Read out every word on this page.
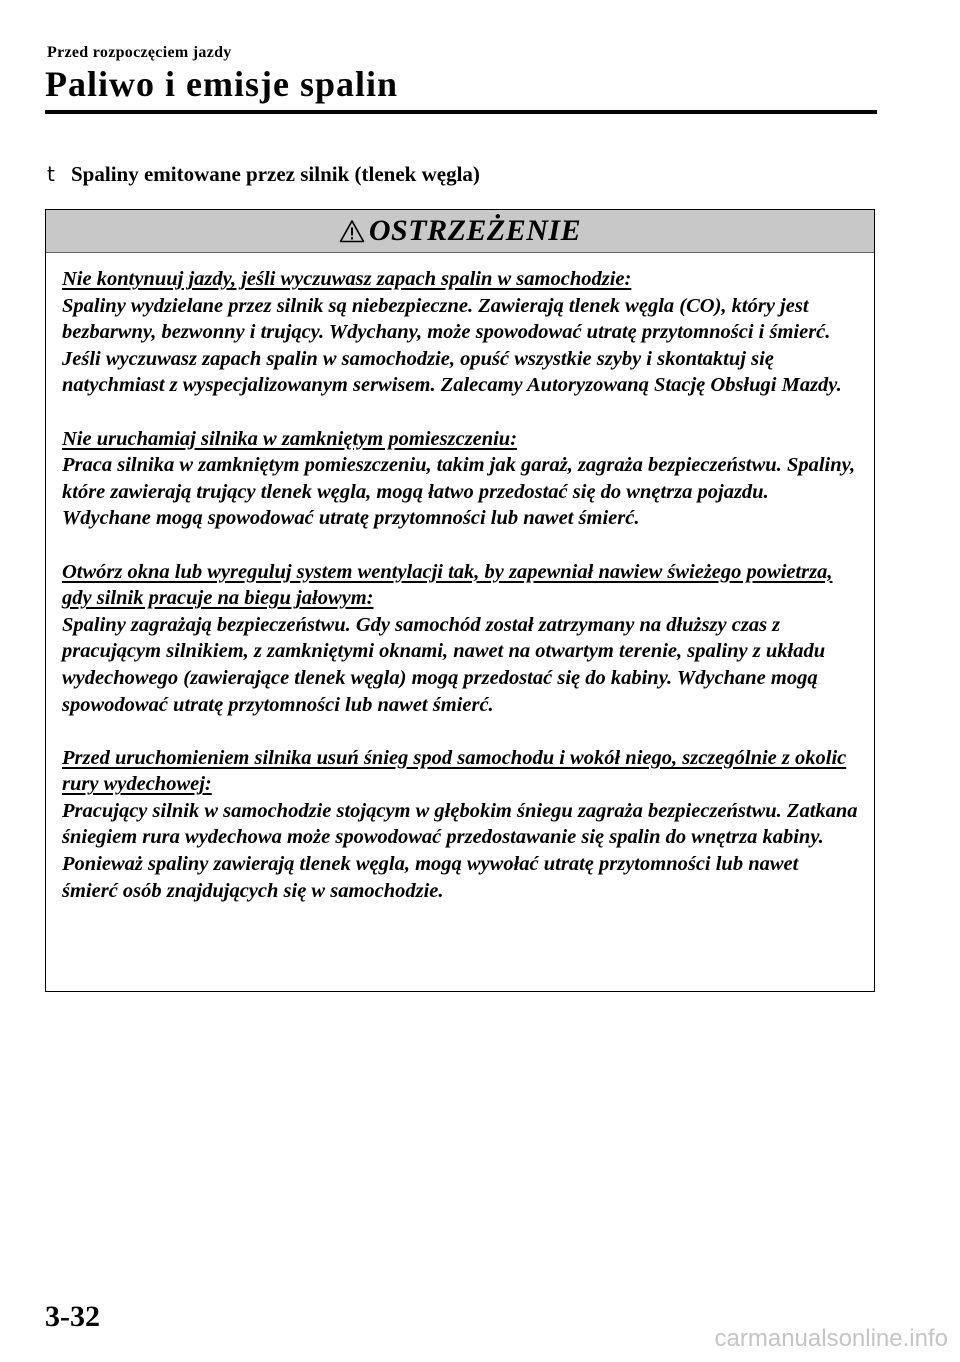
Przed rozpoczęciem jazdy
Paliwo i emisje spalin
t Spaliny emitowane przez silnik (tlenek węgla)
OSTRZEŻENIE
Nie kontynuuj jazdy, jeśli wyczuwasz zapach spalin w samochodzie:
Spaliny wydzielane przez silnik są niebezpieczne. Zawierają tlenek węgla (CO), który jest bezbarwny, bezwonny i trujący. Wdychany, może spowodować utratę przytomności i śmierć. Jeśli wyczuwasz zapach spalin w samochodzie, opuść wszystkie szyby i skontaktuj się natychmiast z wyspecjalizowanym serwisem. Zalecamy Autoryzowaną Stację Obsługi Mazdy.
Nie uruchamiaj silnika w zamkniętym pomieszczeniu:
Praca silnika w zamkniętym pomieszczeniu, takim jak garaż, zagraża bezpieczeństwu. Spaliny, które zawierają trujący tlenek węgla, mogą łatwo przedostać się do wnętrza pojazdu. Wdychane mogą spowodować utratę przytomności lub nawet śmierć.
Otwórz okna lub wyreguluj system wentylacji tak, by zapewniał nawiew świeżego powietrza, gdy silnik pracuje na biegu jałowym:
Spaliny zagrażają bezpieczeństwu. Gdy samochód został zatrzymany na dłuższy czas z pracującym silnikiem, z zamkniętymi oknami, nawet na otwartym terenie, spaliny z układu wydechowego (zawierające tlenek węgla) mogą przedostać się do kabiny. Wdychane mogą spowodować utratę przytomności lub nawet śmierć.
Przed uruchomieniem silnika usuń śnieg spod samochodu i wokół niego, szczególnie z okolic rury wydechowej:
Pracujący silnik w samochodzie stojącym w głębokim śniegu zagraża bezpieczeństwu. Zatkana śniegiem rura wydechowa może spowodować przedostawanie się spalin do wnętrza kabiny. Ponieważ spaliny zawierają tlenek węgla, mogą wywołać utratę przytomności lub nawet śmierć osób znajdujących się w samochodzie.
3-32
carmanualsonline.info
